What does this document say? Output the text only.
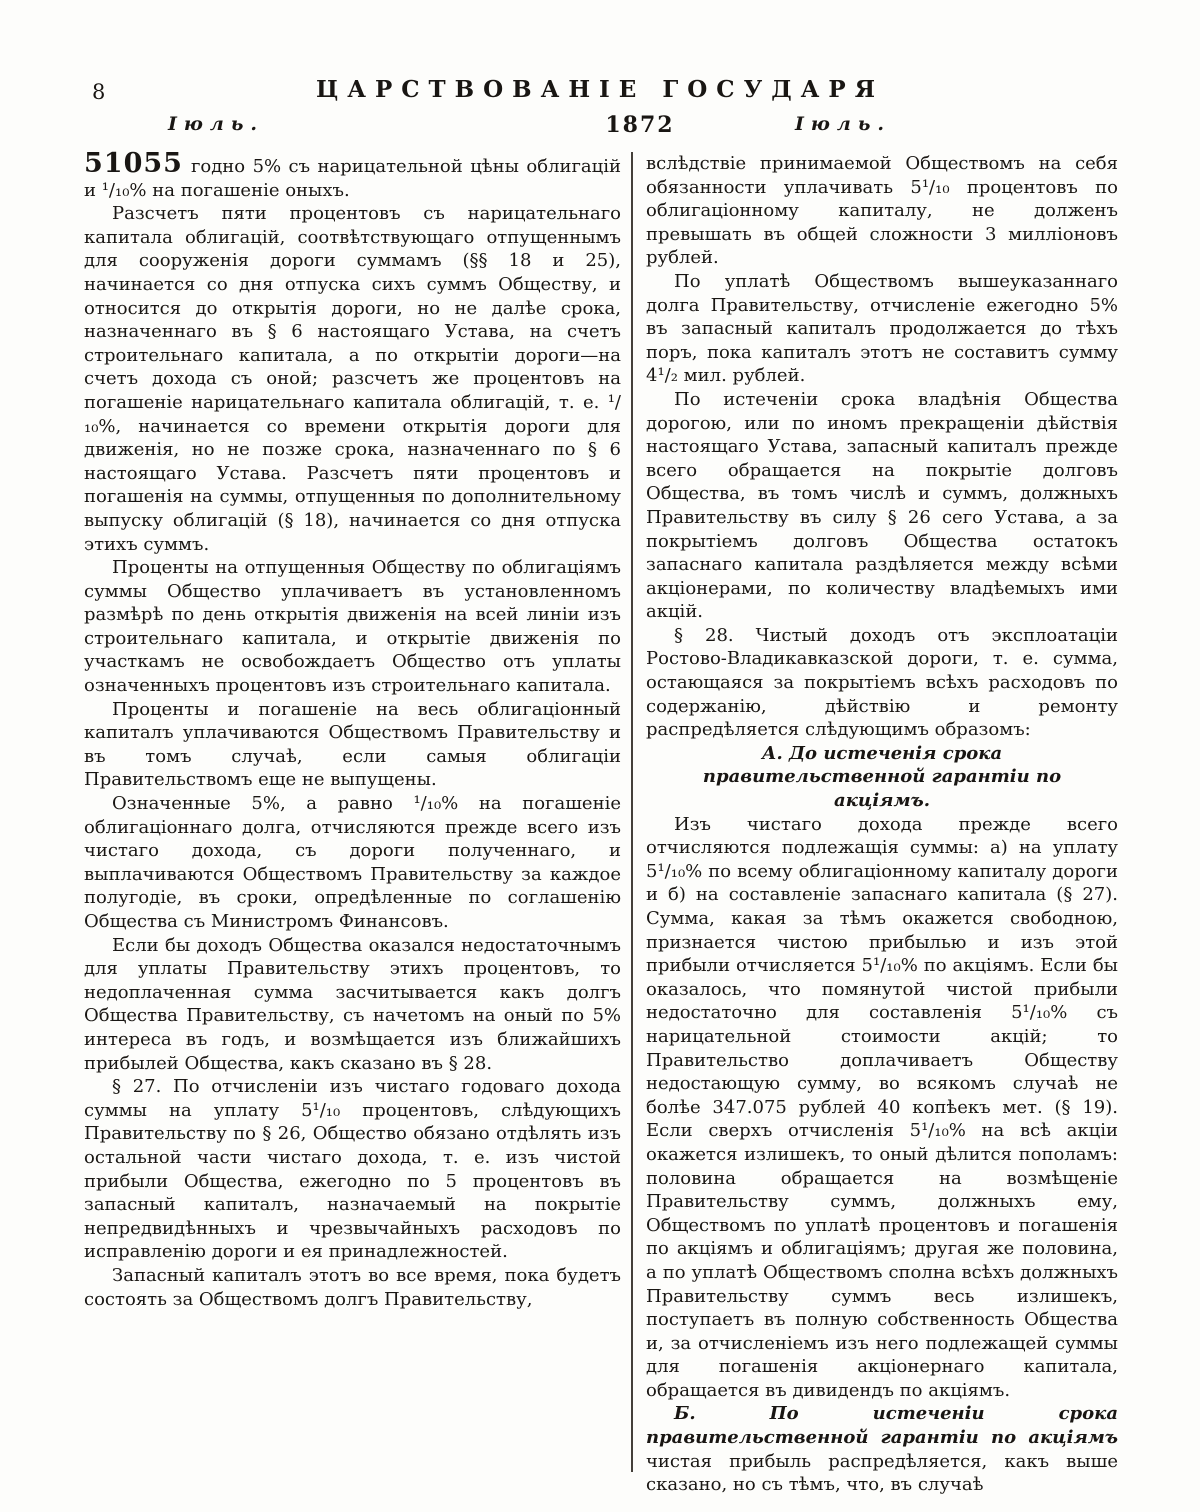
8	ЦАРСТВОВАНІЕ ГОСУДАРЯ
Іюль.	1872	Іюль.

51055 годно 5% съ нарицательной цѣны облигацій и ¹/₁₀% на погашеніе оныхъ.

Разсчетъ пяти процентовъ съ нарицательнаго капитала облигацій, соотвѣтствующаго отпущеннымъ для сооруженія дороги суммамъ (§§ 18 и 25), начинается со дня отпуска сихъ суммъ Обществу, и относится до открытія дороги, но не далѣе срока, назначеннаго въ § 6 настоящаго Устава, на счетъ строительнаго капитала, а по открытіи дороги—на счетъ дохода съ оной; разсчетъ же процентовъ на погашеніе нарицательнаго капитала облигацій, т. е. ¹/₁₀%, начинается со времени открытія дороги для движенія, но не позже срока, назначеннаго по § 6 настоящаго Устава. Разсчетъ пяти процентовъ и погашенія на суммы, отпущенныя по дополнительному выпуску облигацій (§ 18), начинается со дня отпуска этихъ суммъ.

Проценты на отпущенныя Обществу по облигаціямъ суммы Общество уплачиваетъ въ установленномъ размѣрѣ по день открытія движенія на всей линіи изъ строительнаго капитала, и открытіе движенія по участкамъ не освобождаетъ Общество отъ уплаты означенныхъ процентовъ изъ строительнаго капитала.

Проценты и погашеніе на весь облигаціонный капиталъ уплачиваются Обществомъ Правительству и въ томъ случаѣ, если самыя облигаціи Правительствомъ еще не выпущены.

Означенные 5%, а равно ¹/₁₀% на погашеніе облигаціоннаго долга, отчисляются прежде всего изъ чистаго дохода, съ дороги полученнаго, и выплачиваются Обществомъ Правительству за каждое полугодіе, въ сроки, опредѣленные по соглашенію Общества съ Министромъ Финансовъ.

Если бы доходъ Общества оказался недостаточнымъ для уплаты Правительству этихъ процентовъ, то недоплаченная сумма засчитывается какъ долгъ Общества Правительству, съ начетомъ на оный по 5% интереса въ годъ, и возмѣщается изъ ближайшихъ прибылей Общества, какъ сказано въ § 28.

§ 27. По отчисленіи изъ чистаго годоваго дохода суммы на уплату 5¹/₁₀ процентовъ, слѣдующихъ Правительству по § 26, Общество обязано отдѣлять изъ остальной части чистаго дохода, т. е. изъ чистой прибыли Общества, ежегодно по 5 процентовъ въ запасный капиталъ, назначаемый на покрытіе непредвидѣнныхъ и чрезвычайныхъ расходовъ по исправленію дороги и ея принадлежностей.

Запасный капиталъ этотъ во все время, пока будетъ состоять за Обществомъ долгъ Правительству,

вслѣдствіе принимаемой Обществомъ на себя обязанности уплачивать 5¹/₁₀ процентовъ по облигаціонному капиталу, не долженъ превышать въ общей сложности 3 милліоновъ рублей.

По уплатѣ Обществомъ вышеуказаннаго долга Правительству, отчисленіе ежегодно 5% въ запасный капиталъ продолжается до тѣхъ поръ, пока капиталъ этотъ не составитъ сумму 4¹/₂ мил. рублей.

По истеченіи срока владѣнія Общества дорогою, или по иномъ прекращеніи дѣйствія настоящаго Устава, запасный капиталъ прежде всего обращается на покрытіе долговъ Общества, въ томъ числѣ и суммъ, должныхъ Правительству въ силу § 26 сего Устава, а за покрытіемъ долговъ Общества остатокъ запаснаго капитала раздѣляется между всѣми акціонерами, по количеству владѣемыхъ ими акцій.

§ 28. Чистый доходъ отъ эксплоатаціи Ростово-Владикавказской дороги, т. е. сумма, остающаяся за покрытіемъ всѣхъ расходовъ по содержанію, дѣйствію и ремонту распредѣляется слѣдующимъ образомъ:

А. До истеченія срока правительственной гарантіи по акціямъ.

Изъ чистаго дохода прежде всего отчисляются подлежащія суммы: а) на уплату 5¹/₁₀% по всему облигаціонному капиталу дороги и б) на составленіе запаснаго капитала (§ 27). Сумма, какая за тѣмъ окажется свободною, признается чистою прибылью и изъ этой прибыли отчисляется 5¹/₁₀% по акціямъ. Если бы оказалось, что помянутой чистой прибыли недостаточно для составленія 5¹/₁₀% съ нарицательной стоимости акцій; то Правительство доплачиваетъ Обществу недостающую сумму, во всякомъ случаѣ не болѣе 347.075 рублей 40 копѣекъ мет. (§ 19). Если сверхъ отчисленія 5¹/₁₀% на всѣ акціи окажется излишекъ, то оный дѣлится пополамъ: половина обращается на возмѣщеніе Правительству суммъ, должныхъ ему, Обществомъ по уплатѣ процентовъ и погашенія по акціямъ и облигаціямъ; другая же половина, а по уплатѣ Обществомъ сполна всѣхъ должныхъ Правительству суммъ весь излишекъ, поступаетъ въ полную собственность Общества и, за отчисленіемъ изъ него подлежащей суммы для погашенія акціонернаго капитала, обращается въ дивидендъ по акціямъ.

Б. По истеченіи срока правительственной гарантіи по акціямъ чистая прибыль распредѣляется, какъ выше сказано, но съ тѣмъ, что, въ случаѣ
